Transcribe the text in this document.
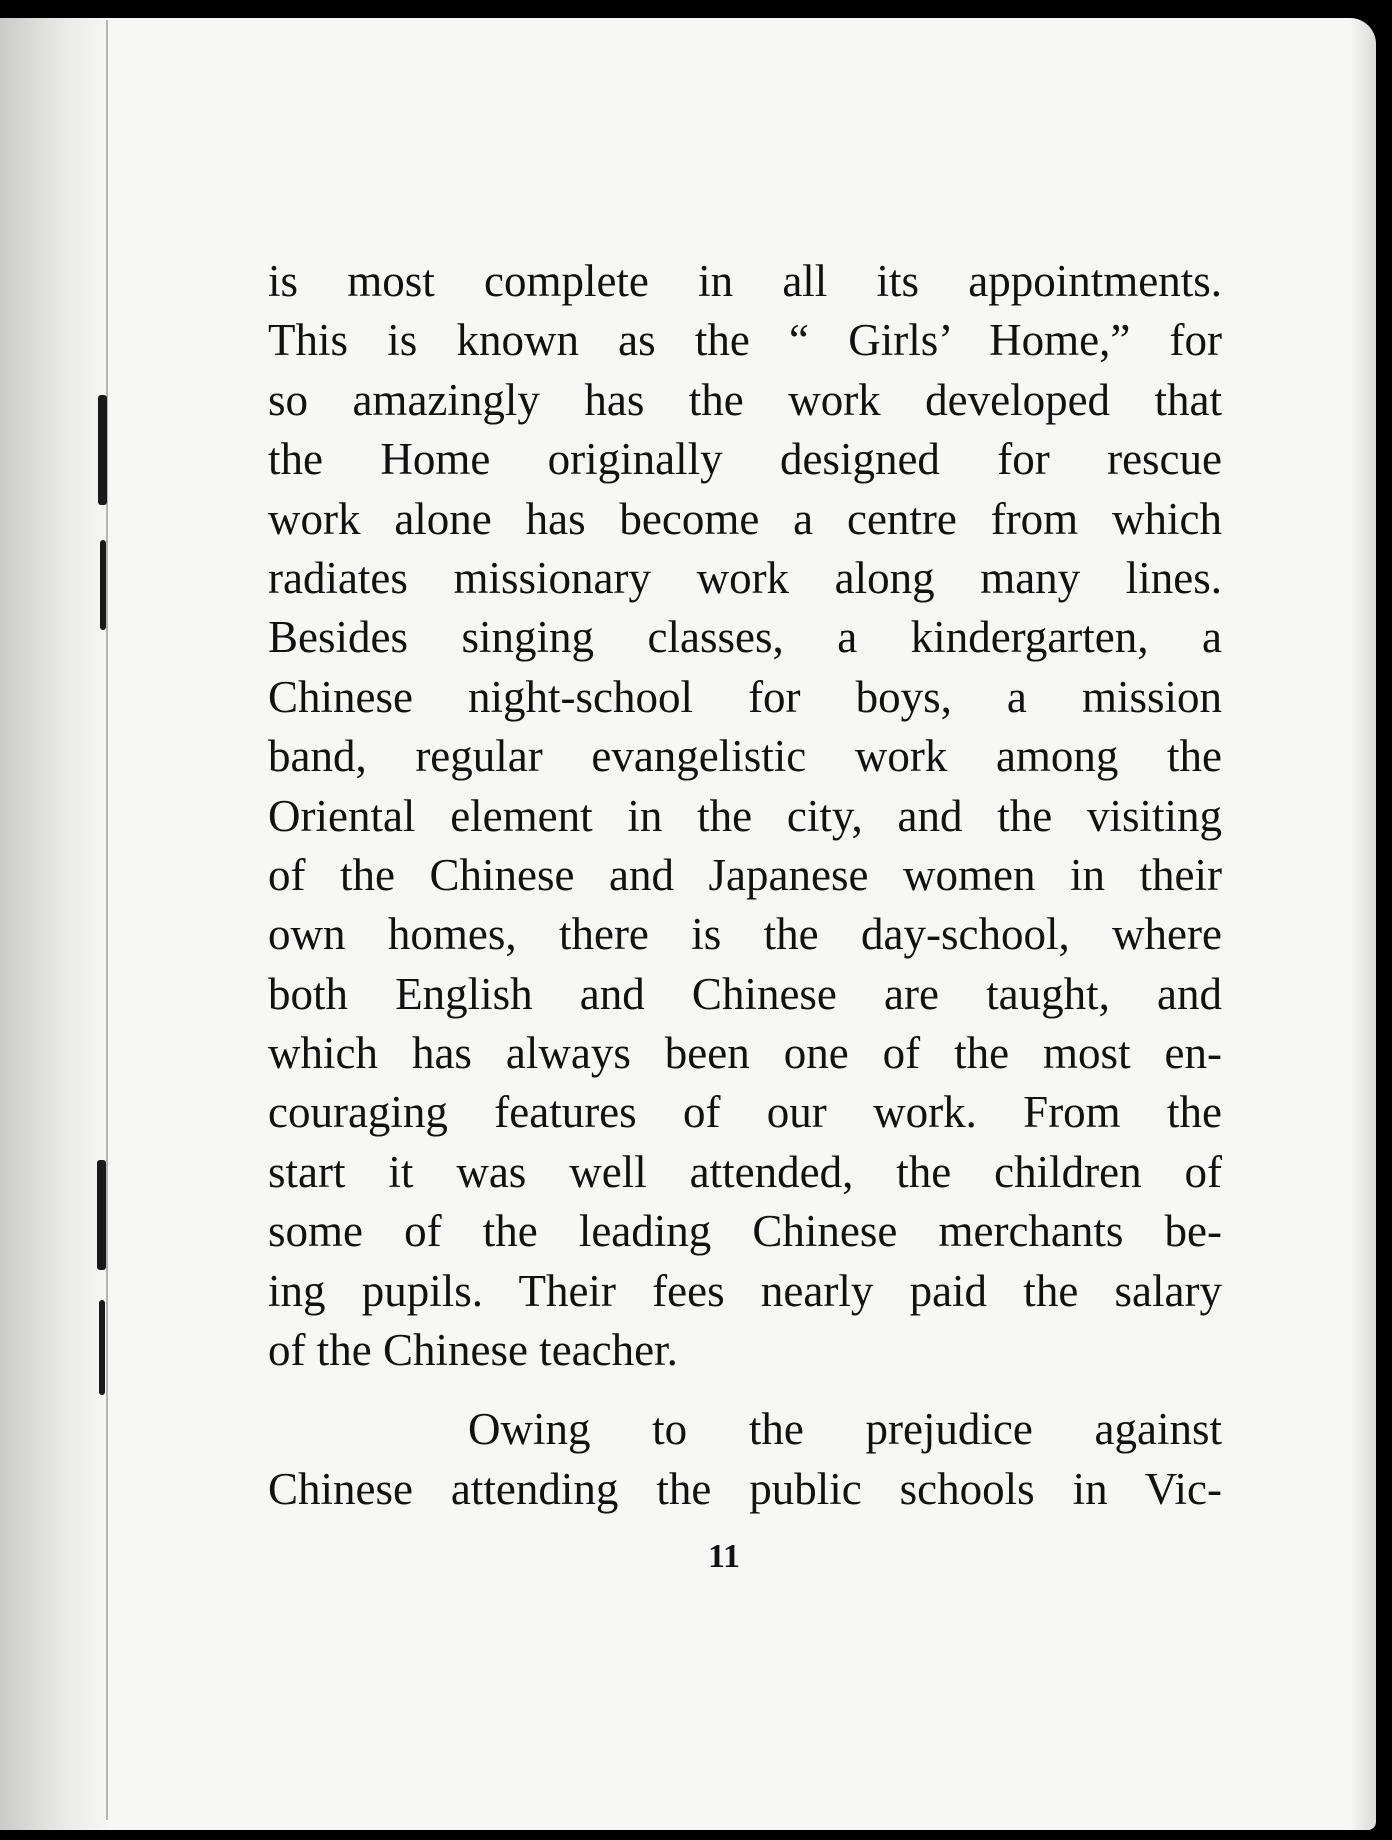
is most complete in all its appointments.
This is known as the “ Girls’ Home,” for
so amazingly has the work developed that
the Home originally designed for rescue
work alone has become a centre from which
radiates missionary work along many lines.
Besides singing classes, a kindergarten, a
Chinese night-school for boys, a mission
band, regular evangelistic work among the
Oriental element in the city, and the visiting
of the Chinese and Japanese women in their
own homes, there is the day-school, where
both English and Chinese are taught, and
which has always been one of the most en-
couraging features of our work. From the
start it was well attended, the children of
some of the leading Chinese merchants be-
ing pupils. Their fees nearly paid the salary
of the Chinese teacher.
Owing to the prejudice against
Chinese attending the public schools in Vic-
11
